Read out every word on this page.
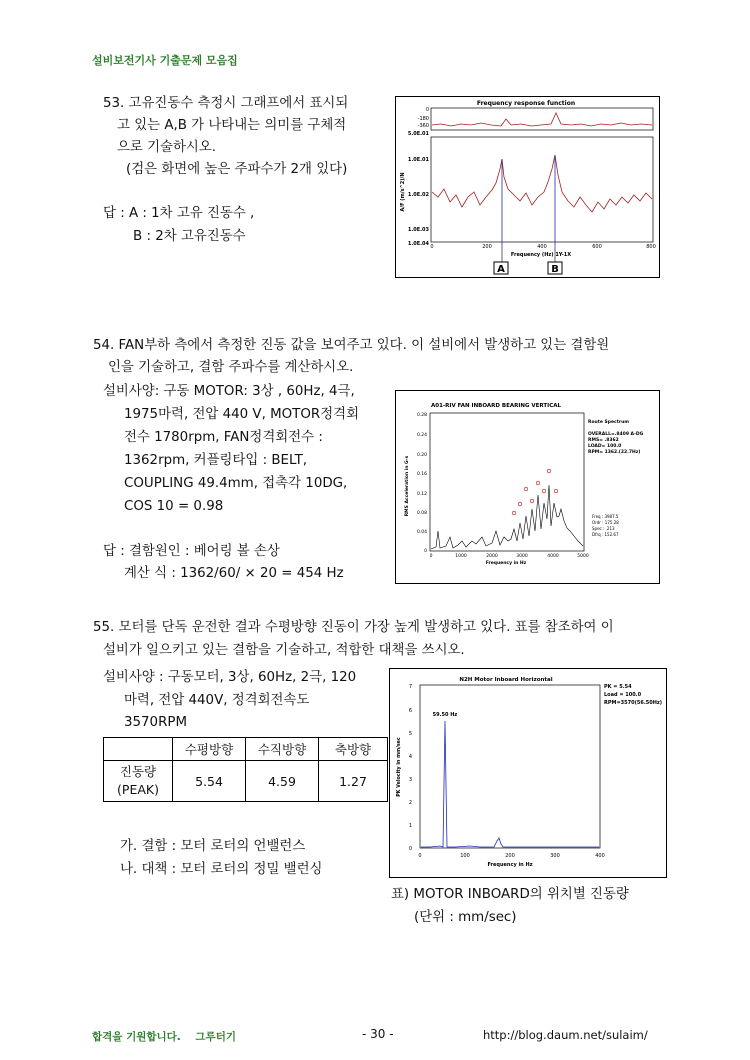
설비보전기사 기출문제 모음집
53. 고유진동수 측정시 그래프에서 표시되
고 있는 A,B 가 나타내는 의미를 구체적
으로 기술하시오.
(검은 화면에 높은 주파수가 2개 있다)
답 : A : 1차 고유 진동수 ,
B : 2차 고유진동수
Frequency response function
0
-180
-360
5.0E.01
1.0E.01
1.0E.02
1.0E.03
1.0E.04
A/F (m/s^2)/N
0	200	400	600	800
Frequency (Hz) 1Y-1X
A	B
54. FAN부하 측에서 측정한 진동 값을 보여주고 있다. 이 설비에서 발생하고 있는 결함원
인을 기술하고, 결함 주파수를 계산하시오.
설비사양: 구동 MOTOR: 3상 , 60Hz, 4극,
1975마력, 전압 440 V, MOTOR정격회
전수 1780rpm, FAN정격회전수 :
1362rpm, 커플링타입 : BELT,
COUPLING 49.4mm, 접촉각 10DG,
COS 10 = 0.98
답 : 결함원인 : 베어링 볼 손상
계산 식 : 1362/60/ × 20 = 454 Hz
A01-RIV FAN INBOARD BEARING VERTICAL
0.28
0.24
0.20
0.16
0.12
0.08
0.04
0
RMS Acceleration in G-s
0	1000	2000	3000	4000	5000
Frequency in Hz
Route Spectrum
OVERALL=.8409 A-DG
RMS= .8362
LOAD= 100.0
RPM= 1362.(22.7Hz)
Freq : 3987.5
Ordr : 175.28
Spec : .213
Dfrq : 152.67
55. 모터를 단독 운전한 결과 수평방향 진동이 가장 높게 발생하고 있다. 표를 참조하여 이
설비가 일으키고 있는 결함을 기술하고, 적합한 대책을 쓰시오.
설비사양 : 구동모터, 3상, 60Hz, 2극, 120
마력, 전압 440V, 정격회전속도
3570RPM
	수평방향	수직방향	축방향

진동량
(PEAK)	5.54	4.59	1.27
가. 결함 : 모터 로터의 언밸런스
나. 대책 : 모터 로터의 정밀 밸런싱
N2H Motor Inboard Horizontal
7
6
5
4
3
2
1
0
PK Velocity in mm/sec
59.50 Hz
PK = 5.54
Load = 100.0
RPM=3570(56.50Hz)
0	100	200	300	400
Frequency in Hz
표) MOTOR INBOARD의 위치별 진동량
(단위 : mm/sec)
합격을 기원합니다.    그루터기	- 30 -	http://blog.daum.net/sulaim/
